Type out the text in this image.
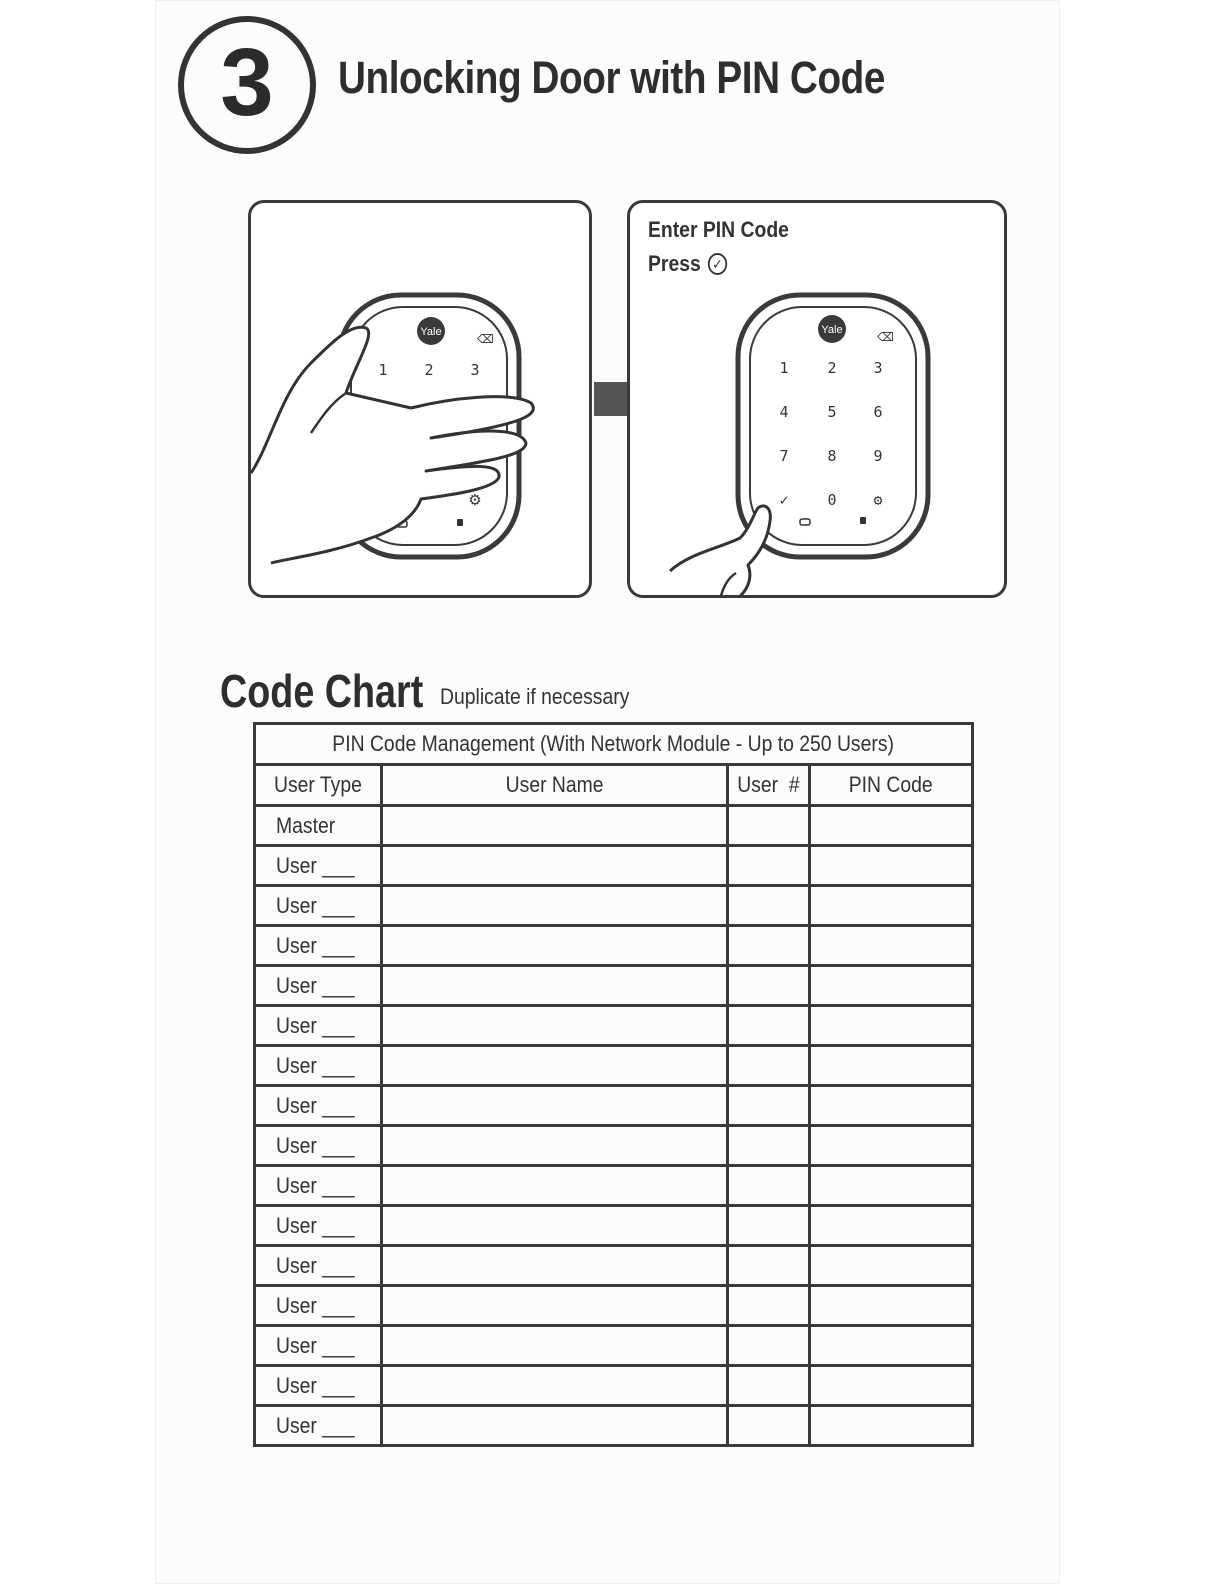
3 Unlocking Door with PIN Code
Yale	⌫
1 2 3
⚙
Enter PIN Code
Press ✓
Yale	⌫
1	2 3
4	5 6
7	8 9
✓	0 ⚙
Code Chart Duplicate if necessary
PIN Code Management (With Network Module - Up to 250 Users)			
User Type	User Name	User  #	PIN Code
Master			
User ___			
User ___			
User ___			
User ___			
User ___			
User ___			
User ___			
User ___			
User ___			
User ___			
User ___			
User ___			
User ___			
User ___			
User ___			
